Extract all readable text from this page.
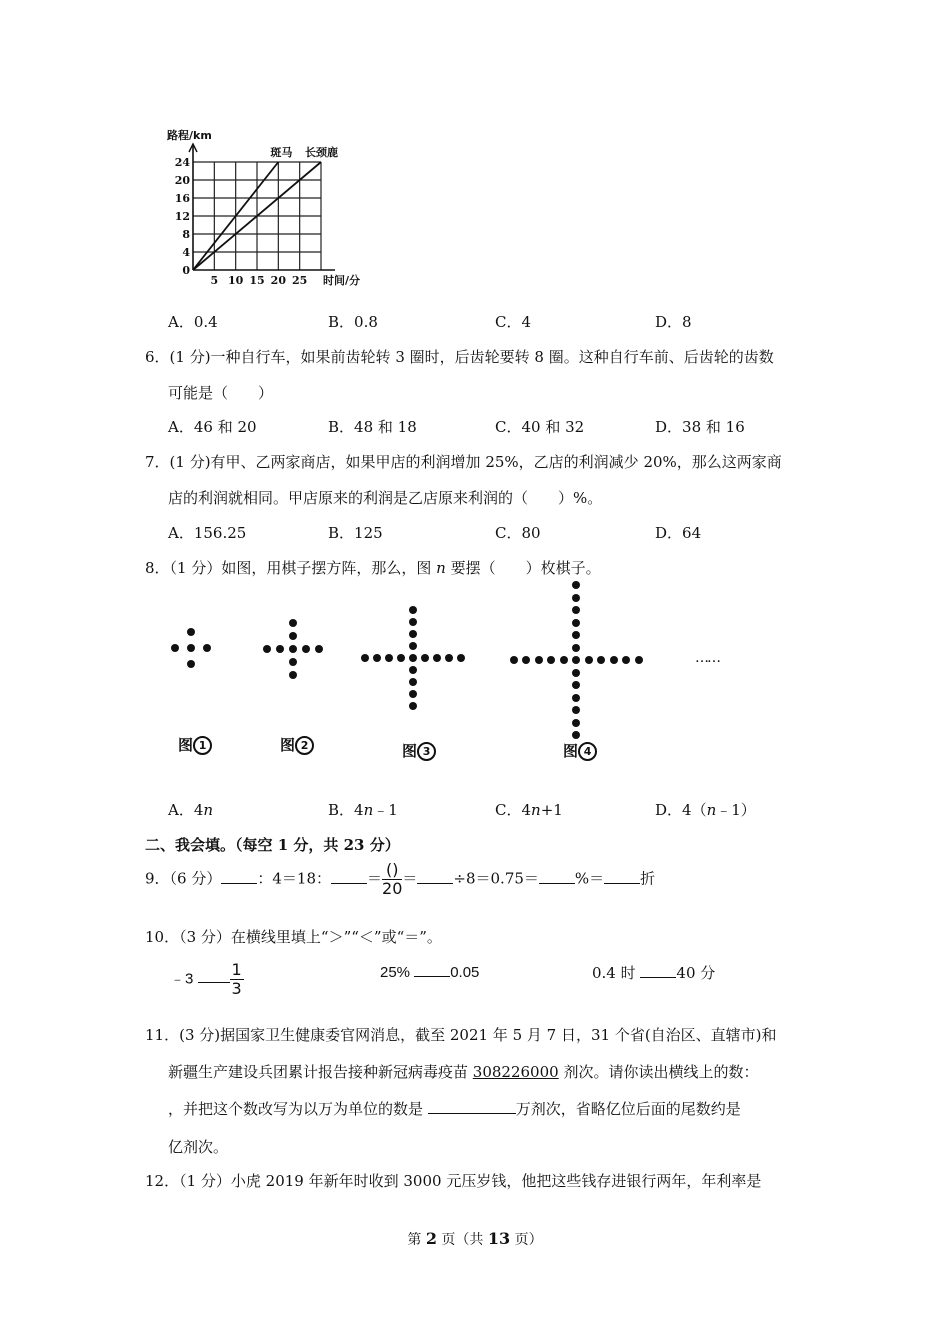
斑马 长颈鹿
0
4
8
12
16
20
24
5 10 15 20 25
路程/km
时间/分
A．0.4	B．0.8	C．4	D．8
6．(1 分)一种自行车，如果前齿轮转 3 圈时，后齿轮要转 8 圈。这种自行车前、后齿轮的齿数
可能是（　　）
A．46 和 20	B．48 和 18	C．40 和 32	D．38 和 16
7．(1 分)有甲、乙两家商店，如果甲店的利润增加 25%，乙店的利润减少 20%，那么这两家商
店的利润就相同。甲店原来的利润是乙店原来利润的（　　）%。
A．156.25	B．125	C．80	D．64
8．（1 分）如图，用棋子摆方阵，那么，图 n 要摆（　　）枚棋子。
……
图 1	图 2	图 3	图 4
A．4n	B．4n﹣1	C．4n+1	D．4（n﹣1）
二、我会填。（每空 1 分，共 23 分）
9．（6 分） ：4＝18： ＝ $\frac{()}{20} = \div 8=0.75=$ %＝ 折
10．（3 分）在横线里填上“＞”“＜”或“＝”。
﹣3 $\frac{1}{3}$	25%	0.05	0.4 时	40 分
11．(3 分)据国家卫生健康委官网消息，截至 2021 年 5 月 7 日，31 个省(自治区、直辖市)和
新疆生产建设兵团累计报告接种新冠病毒疫苗 308226000 剂次。请你读出横线上的数：
，并把这个数改写为以万为单位的数是	万剂次，省略亿位后面的尾数约是
亿剂次。
12．（1 分）小虎 2019 年新年时收到 3000 元压岁钱，他把这些钱存进银行两年，年利率是
第 2 页（共 13 页）
